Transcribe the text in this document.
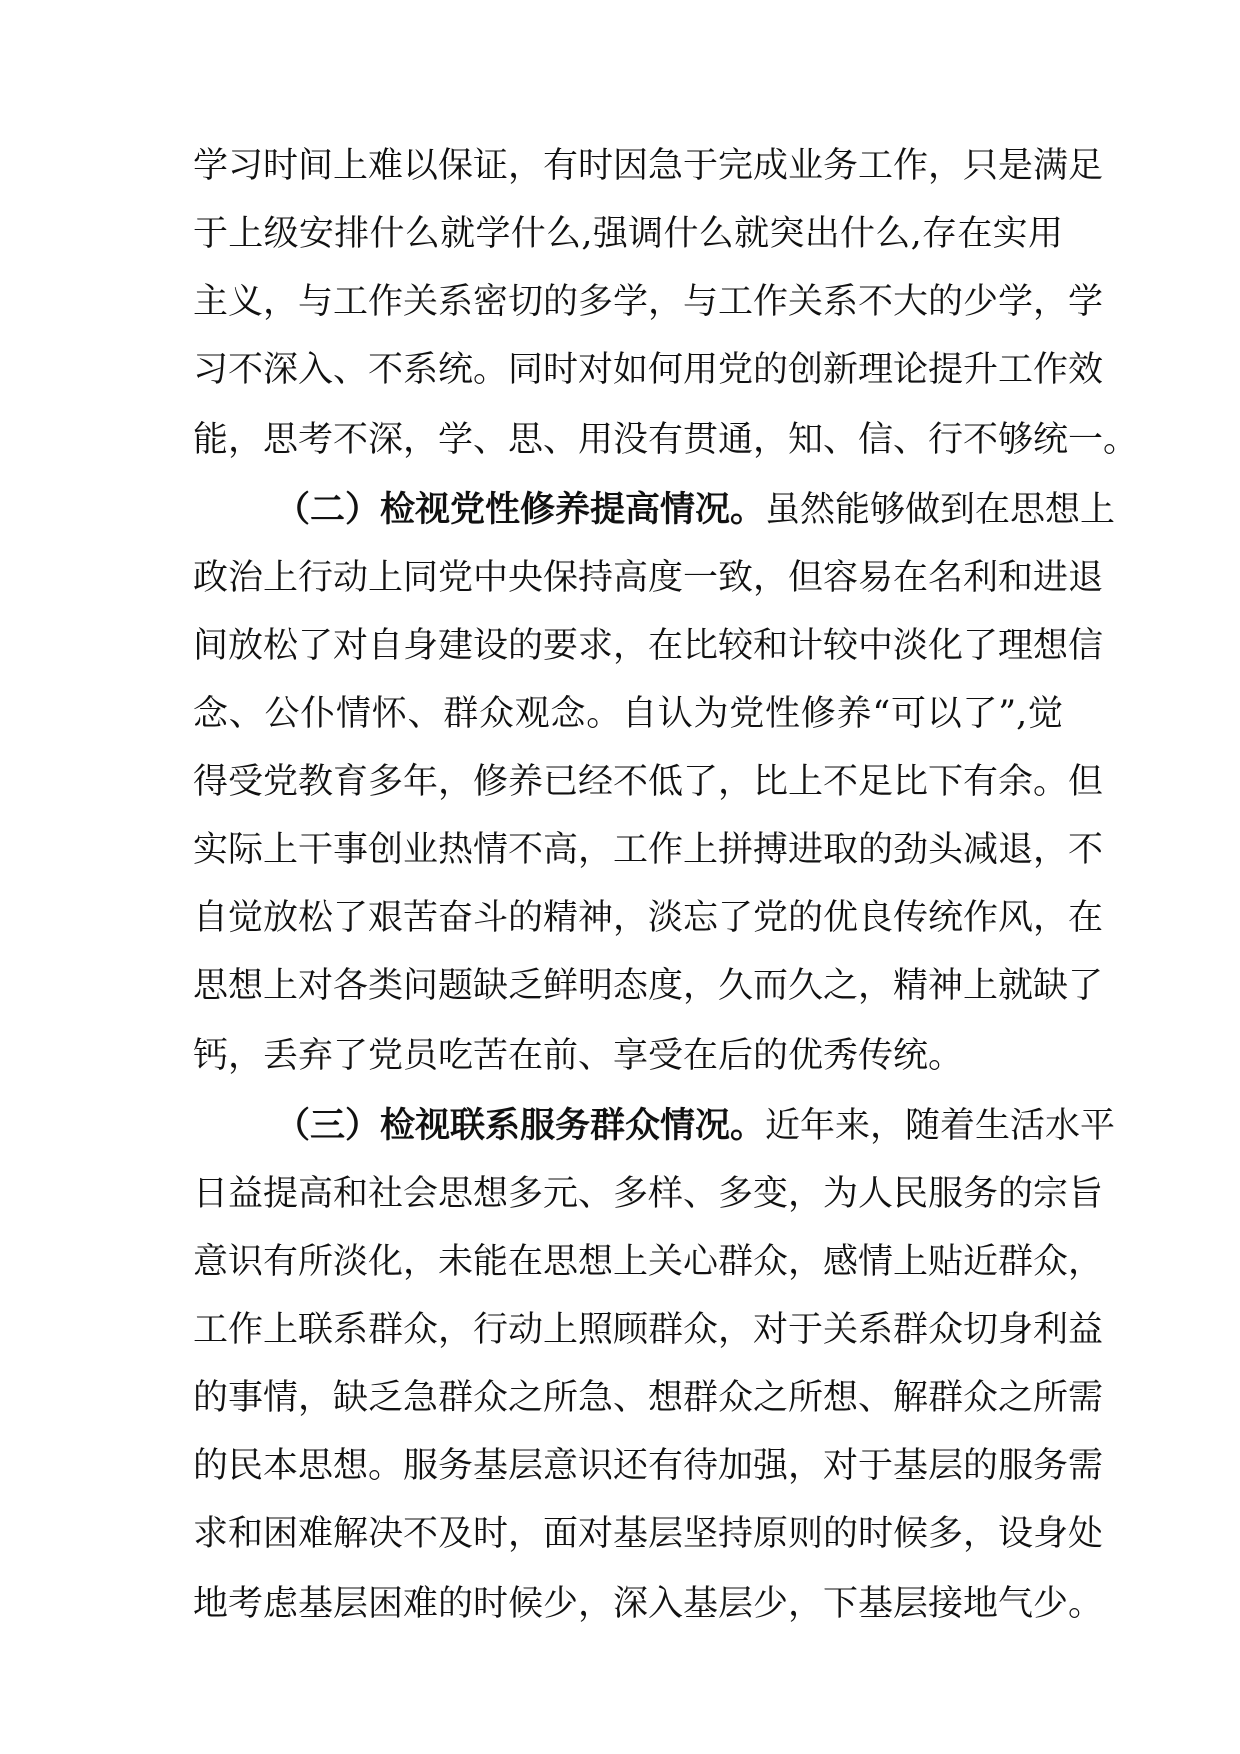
学习时间上难以保证，有时因急于完成业务工作，只是满足
于上级安排什么就学什么,强调什么就突出什么,存在实用
主义，与工作关系密切的多学，与工作关系不大的少学，学
习不深入、不系统。同时对如何用党的创新理论提升工作效
能，思考不深，学、思、用没有贯通，知、信、行不够统一。
（二）检视党性修养提高情况。虽然能够做到在思想上
政治上行动上同党中央保持高度一致，但容易在名利和进退
间放松了对自身建设的要求，在比较和计较中淡化了理想信
念、公仆情怀、群众观念。自认为党性修养“可以了”,觉
得受党教育多年，修养已经不低了，比上不足比下有余。但
实际上干事创业热情不高，工作上拼搏进取的劲头减退，不
自觉放松了艰苦奋斗的精神，淡忘了党的优良传统作风，在
思想上对各类问题缺乏鲜明态度，久而久之，精神上就缺了
钙，丢弃了党员吃苦在前、享受在后的优秀传统。
（三）检视联系服务群众情况。近年来，随着生活水平
日益提高和社会思想多元、多样、多变，为人民服务的宗旨
意识有所淡化，未能在思想上关心群众，感情上贴近群众，
工作上联系群众，行动上照顾群众，对于关系群众切身利益
的事情，缺乏急群众之所急、想群众之所想、解群众之所需
的民本思想。服务基层意识还有待加强，对于基层的服务需
求和困难解决不及时，面对基层坚持原则的时候多，设身处
地考虑基层困难的时候少，深入基层少，下基层接地气少。
